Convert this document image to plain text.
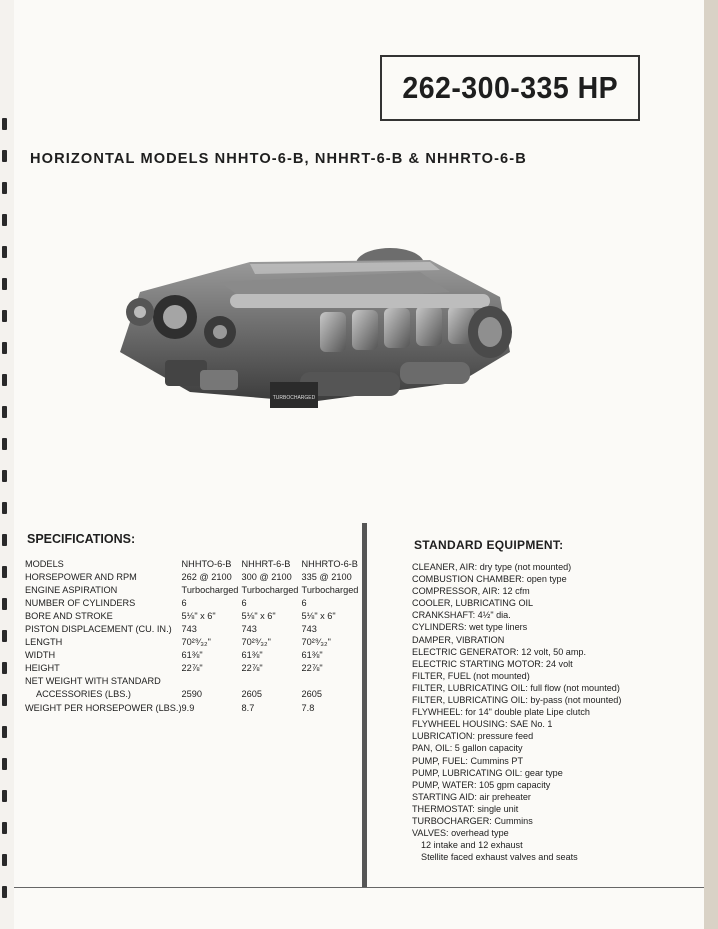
262-300-335 HP
HORIZONTAL MODELS NHHTO-6-B, NHHRT-6-B & NHHRTO-6-B
TURBOCHARGED
SPECIFICATIONS:
MODELS	NHHTO-6-B	NHHRT-6-B	NHHRTO-6-B
HORSEPOWER AND RPM	262 @ 2100	300 @ 2100	335 @ 2100
ENGINE ASPIRATION	Turbocharged	Turbocharged	Turbocharged
NUMBER OF CYLINDERS	6	6	6
BORE AND STROKE	5⅛" x 6"	5⅛" x 6"	5⅛" x 6"
PISTON DISPLACEMENT (CU. IN.)	743	743	743
LENGTH	70²⁹⁄₃₂"	70²⁹⁄₃₂"	70²⁹⁄₃₂"
WIDTH	61⅜"	61⅜"	61⅜"
HEIGHT	22⅞"	22⅞"	22⅞"
NET WEIGHT WITH STANDARD			
ACCESSORIES (LBS.)	2590	2605	2605
WEIGHT PER HORSEPOWER (LBS.)	9.9	8.7	7.8
STANDARD EQUIPMENT:
CLEANER, AIR: dry type (not mounted)
COMBUSTION CHAMBER: open type
COMPRESSOR, AIR: 12 cfm
COOLER, LUBRICATING OIL
CRANKSHAFT: 4½" dia.
CYLINDERS: wet type liners
DAMPER, VIBRATION
ELECTRIC GENERATOR: 12 volt, 50 amp.
ELECTRIC STARTING MOTOR: 24 volt
FILTER, FUEL (not mounted)
FILTER, LUBRICATING OIL: full flow (not mounted)
FILTER, LUBRICATING OIL: by-pass (not mounted)
FLYWHEEL: for 14" double plate Lipe clutch
FLYWHEEL HOUSING: SAE No. 1
LUBRICATION: pressure feed
PAN, OIL: 5 gallon capacity
PUMP, FUEL: Cummins PT
PUMP, LUBRICATING OIL: gear type
PUMP, WATER: 105 gpm capacity
STARTING AID: air preheater
THERMOSTAT: single unit
TURBOCHARGER: Cummins
VALVES: overhead type
12 intake and 12 exhaust
Stellite faced exhaust valves and seats
